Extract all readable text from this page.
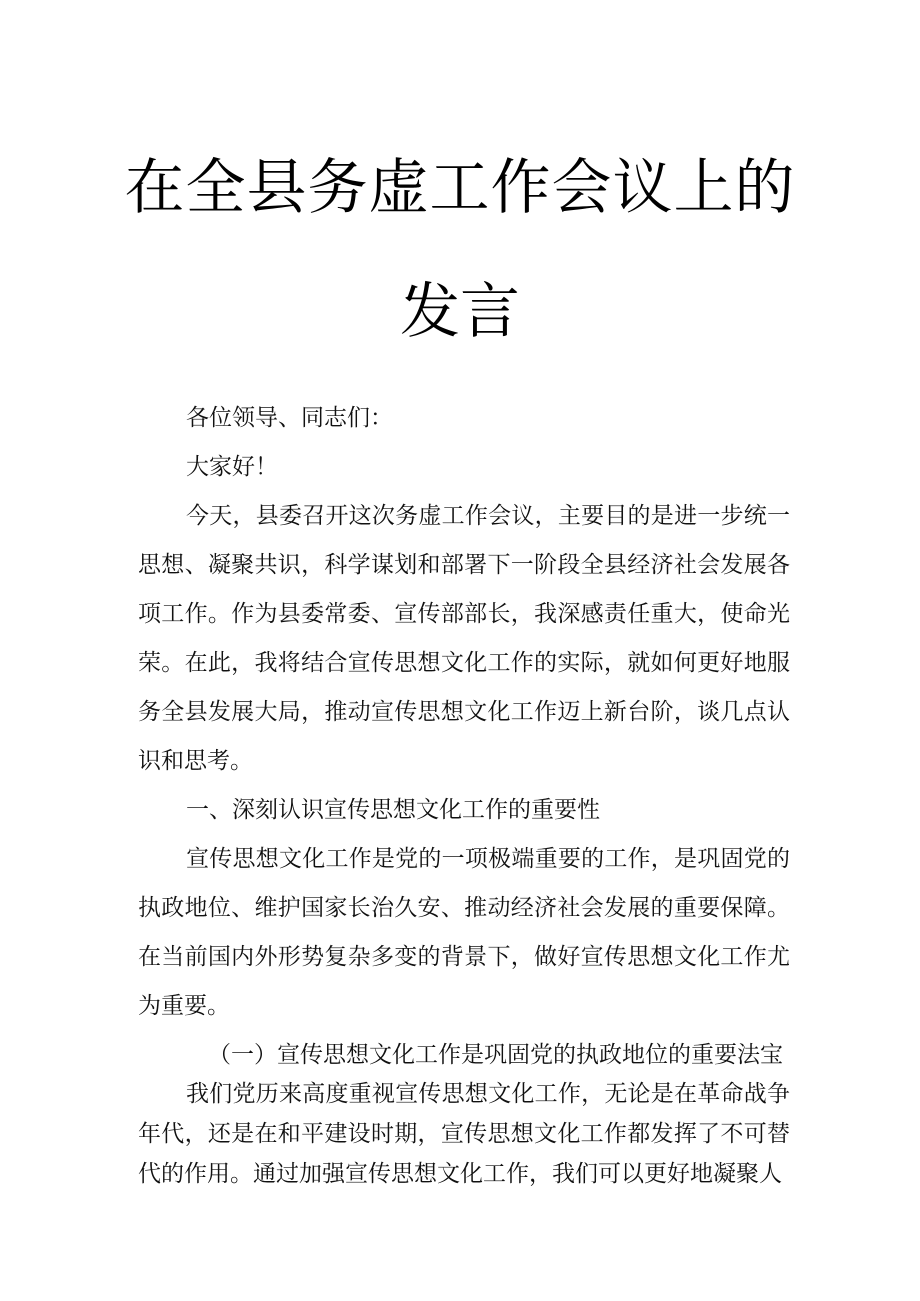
在全县务虚工作会议上的
发言

各位领导、同志们：

大家好！

今天，县委召开这次务虚工作会议，主要目的是进一步统一思想、凝聚共识，科学谋划和部署下一阶段全县经济社会发展各项工作。作为县委常委、宣传部部长，我深感责任重大，使命光荣。在此，我将结合宣传思想文化工作的实际，就如何更好地服务全县发展大局，推动宣传思想文化工作迈上新台阶，谈几点认识和思考。

一、深刻认识宣传思想文化工作的重要性

宣传思想文化工作是党的一项极端重要的工作，是巩固党的执政地位、维护国家长治久安、推动经济社会发展的重要保障。在当前国内外形势复杂多变的背景下，做好宣传思想文化工作尤为重要。

（一）宣传思想文化工作是巩固党的执政地位的重要法宝

我们党历来高度重视宣传思想文化工作，无论是在革命战争年代，还是在和平建设时期，宣传思想文化工作都发挥了不可替代的作用。通过加强宣传思想文化工作，我们可以更好地凝聚人
